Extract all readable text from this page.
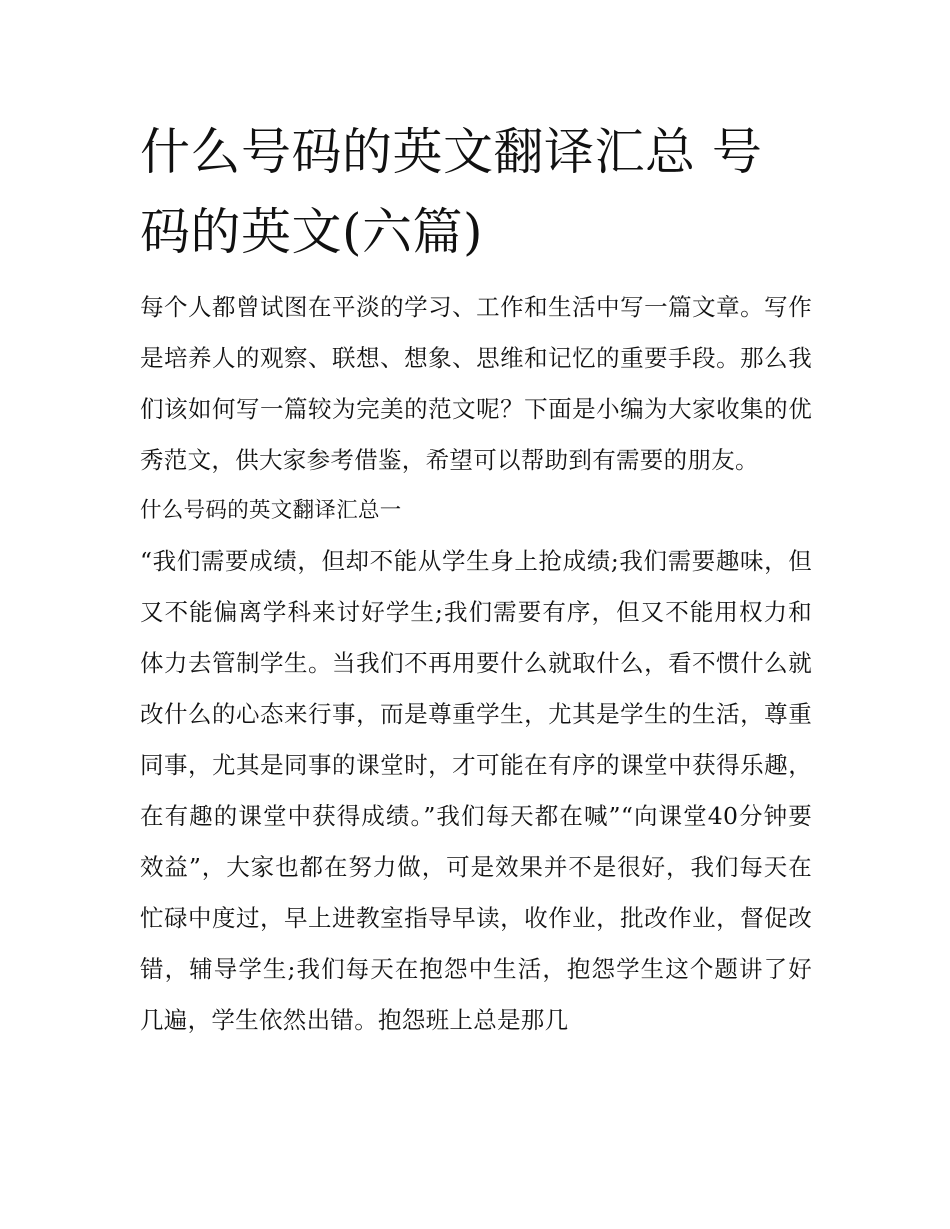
什么号码的英文翻译汇总 号码的英文(六篇)

每个人都曾试图在平淡的学习、工作和生活中写一篇文章。写作是培养人的观察、联想、想象、思维和记忆的重要手段。那么我们该如何写一篇较为完美的范文呢？下面是小编为大家收集的优秀范文，供大家参考借鉴，希望可以帮助到有需要的朋友。

什么号码的英文翻译汇总一

“我们需要成绩，但却不能从学生身上抢成绩;我们需要趣味，但又不能偏离学科来讨好学生;我们需要有序，但又不能用权力和体力去管制学生。当我们不再用要什么就取什么，看不惯什么就改什么的心态来行事，而是尊重学生，尤其是学生的生活，尊重同事，尤其是同事的课堂时，才可能在有序的课堂中获得乐趣，在有趣的课堂中获得成绩。”我们每天都在喊”“向课堂40分钟要效益”，大家也都在努力做，可是效果并不是很好，我们每天在忙碌中度过，早上进教室指导早读，收作业，批改作业，督促改错，辅导学生;我们每天在抱怨中生活，抱怨学生这个题讲了好几遍，学生依然出错。抱怨班上总是那几
